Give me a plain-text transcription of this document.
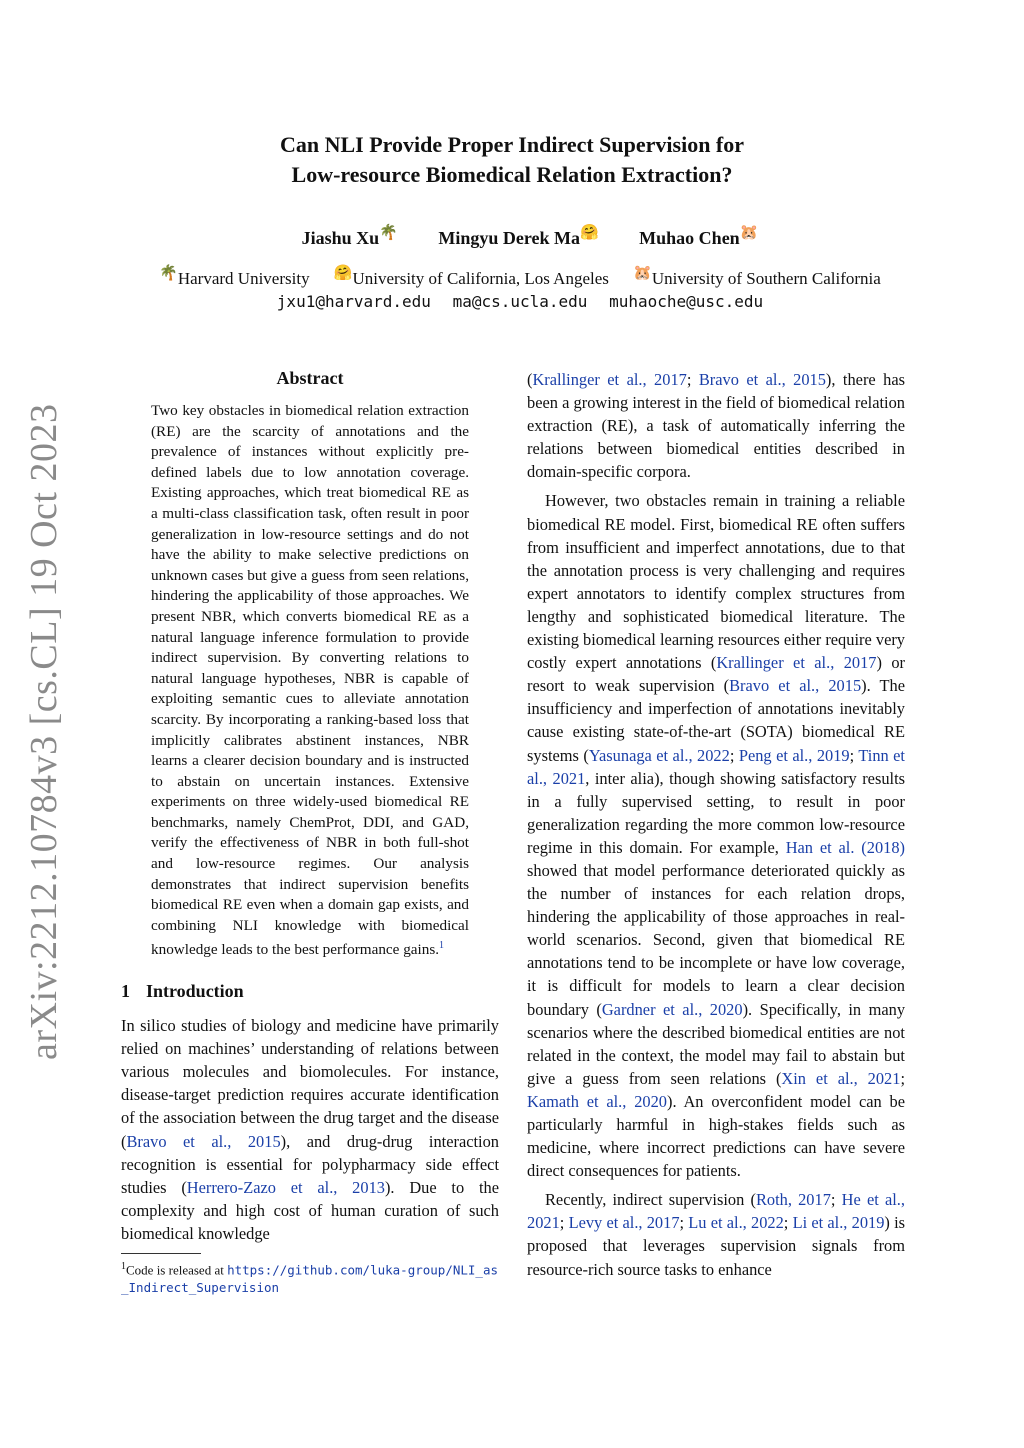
arXiv:2212.10784v3 [cs.CL] 19 Oct 2023
Can NLI Provide Proper Indirect Supervision for
Low-resource Biomedical Relation Extraction?
Jiashu Xu🌴 Mingyu Derek Ma🤗 Muhao Chen🐹
🌴Harvard University 🤗University of California, Los Angeles 🐹University of Southern California
jxu1@harvard.edu ma@cs.ucla.edu muhaoche@usc.edu
Abstract
Two key obstacles in biomedical relation extraction (RE) are the scarcity of annotations and the prevalence of instances without explicitly pre-defined labels due to low annotation coverage. Existing approaches, which treat biomedical RE as a multi-class classification task, often result in poor generalization in low-resource settings and do not have the ability to make selective predictions on unknown cases but give a guess from seen relations, hindering the applicability of those approaches. We present NBR, which converts biomedical RE as a natural language inference formulation to provide indirect supervision. By converting relations to natural language hypotheses, NBR is capable of exploiting semantic cues to alleviate annotation scarcity. By incorporating a ranking-based loss that implicitly calibrates abstinent instances, NBR learns a clearer decision boundary and is instructed to abstain on uncertain instances. Extensive experiments on three widely-used biomedical RE benchmarks, namely ChemProt, DDI, and GAD, verify the effectiveness of NBR in both full-shot and low-resource regimes. Our analysis demonstrates that indirect supervision benefits biomedical RE even when a domain gap exists, and combining NLI knowledge with biomedical knowledge leads to the best performance gains.$^1$
1 Introduction

In silico studies of biology and medicine have primarily relied on machines’ understanding of relations between various molecules and biomolecules. For instance, disease-target prediction requires accurate identification of the association between the drug target and the disease (Bravo et al., 2015), and drug-drug interaction recognition is essential for polypharmacy side effect studies (Herrero-Zazo et al., 2013). Due to the complexity and high cost of human curation of such biomedical knowledge

$^1$Code is released at https://github.com/luka-group/NLI_as_Indirect_Supervision

(Krallinger et al., 2017; Bravo et al., 2015), there has been a growing interest in the field of biomedical relation extraction (RE), a task of automatically inferring the relations between biomedical entities described in domain-specific corpora.

However, two obstacles remain in training a reliable biomedical RE model. First, biomedical RE often suffers from insufficient and imperfect annotations, due to that the annotation process is very challenging and requires expert annotators to identify complex structures from lengthy and sophisticated biomedical literature. The existing biomedical learning resources either require very costly expert annotations (Krallinger et al., 2017) or resort to weak supervision (Bravo et al., 2015). The insufficiency and imperfection of annotations inevitably cause existing state-of-the-art (SOTA) biomedical RE systems (Yasunaga et al., 2022; Peng et al., 2019; Tinn et al., 2021, inter alia), though showing satisfactory results in a fully supervised setting, to result in poor generalization regarding the more common low-resource regime in this domain. For example, Han et al. (2018) showed that model performance deteriorated quickly as the number of instances for each relation drops, hindering the applicability of those approaches in real-world scenarios. Second, given that biomedical RE annotations tend to be incomplete or have low coverage, it is difficult for models to learn a clear decision boundary (Gardner et al., 2020). Specifically, in many scenarios where the described biomedical entities are not related in the context, the model may fail to abstain but give a guess from seen relations (Xin et al., 2021; Kamath et al., 2020). An overconfident model can be particularly harmful in high-stakes fields such as medicine, where incorrect predictions can have severe direct consequences for patients.

Recently, indirect supervision (Roth, 2017; He et al., 2021; Levy et al., 2017; Lu et al., 2022; Li et al., 2019) is proposed that leverages supervision signals from resource-rich source tasks to enhance
